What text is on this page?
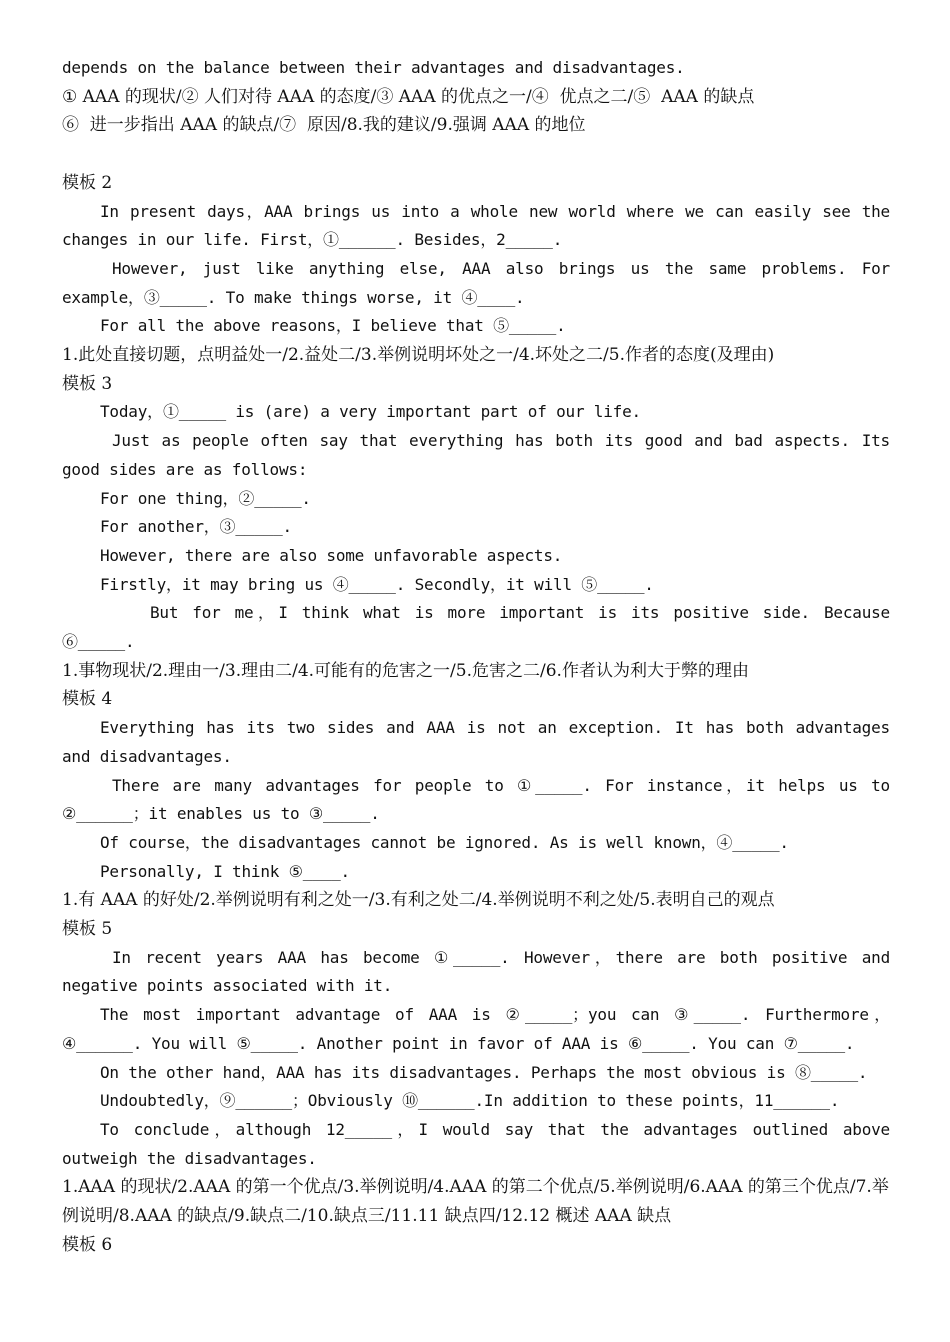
depends on the balance between their advantages and disadvantages.

① AAA 的现状/② 人们对待 AAA 的态度/③ AAA 的优点之一/④  优点之二/⑤  AAA 的缺点

⑥  进一步指出 AAA 的缺点/⑦  原因/8.我的建议/9.强调 AAA 的地位

模板 2

In present days，AAA brings us into a whole new world where we can easily see the changes in our life. First，①______. Besides，2_____.

However, just like anything else, AAA also brings us the same problems. For example，③_____. To make things worse, it ④____.

For all the above reasons，I believe that ⑤_____.

1.此处直接切题，点明益处一/2.益处二/3.举例说明坏处之一/4.坏处之二/5.作者的态度(及理由)

模板 3

Today，①_____ is (are) a very important part of our life.

Just as people often say that everything has both its good and bad aspects. Its good sides are as follows:

For one thing，②_____.

For another，③_____.

However, there are also some unfavorable aspects.

Firstly，it may bring us ④_____. Secondly，it will ⑤_____.

But for me，I think what is more important is its positive side. Because ⑥_____.

1.事物现状/2.理由一/3.理由二/4.可能有的危害之一/5.危害之二/6.作者认为利大于弊的理由

模板 4

Everything has its two sides and AAA is not an exception. It has both advantages and disadvantages.

There are many advantages for people to ①_____. For instance，it helps us to ②______；it enables us to ③_____.

Of course，the disadvantages cannot be ignored. As is well known，④_____.

Personally, I think ⑤____.

1.有 AAA 的好处/2.举例说明有利之处一/3.有利之处二/4.举例说明不利之处/5.表明自己的观点

模板 5

In recent years AAA has become ①_____. However，there are both positive and negative points associated with it.

The most important advantage of AAA is ②_____；you can ③_____. Furthermore，④______. You will ⑤_____. Another point in favor of AAA is ⑥_____. You can ⑦_____.

On the other hand，AAA has its disadvantages. Perhaps the most obvious is ⑧_____.

Undoubtedly，⑨______；Obviously ⑩______.In addition to these points，11______.

To conclude，although 12_____，I would say that the advantages outlined above outweigh the disadvantages.

1.AAA 的现状/2.AAA 的第一个优点/3.举例说明/4.AAA 的第二个优点/5.举例说明/6.AAA 的第三个优点/7.举例说明/8.AAA 的缺点/9.缺点二/10.缺点三/11.11 缺点四/12.12 概述 AAA 缺点

模板 6
